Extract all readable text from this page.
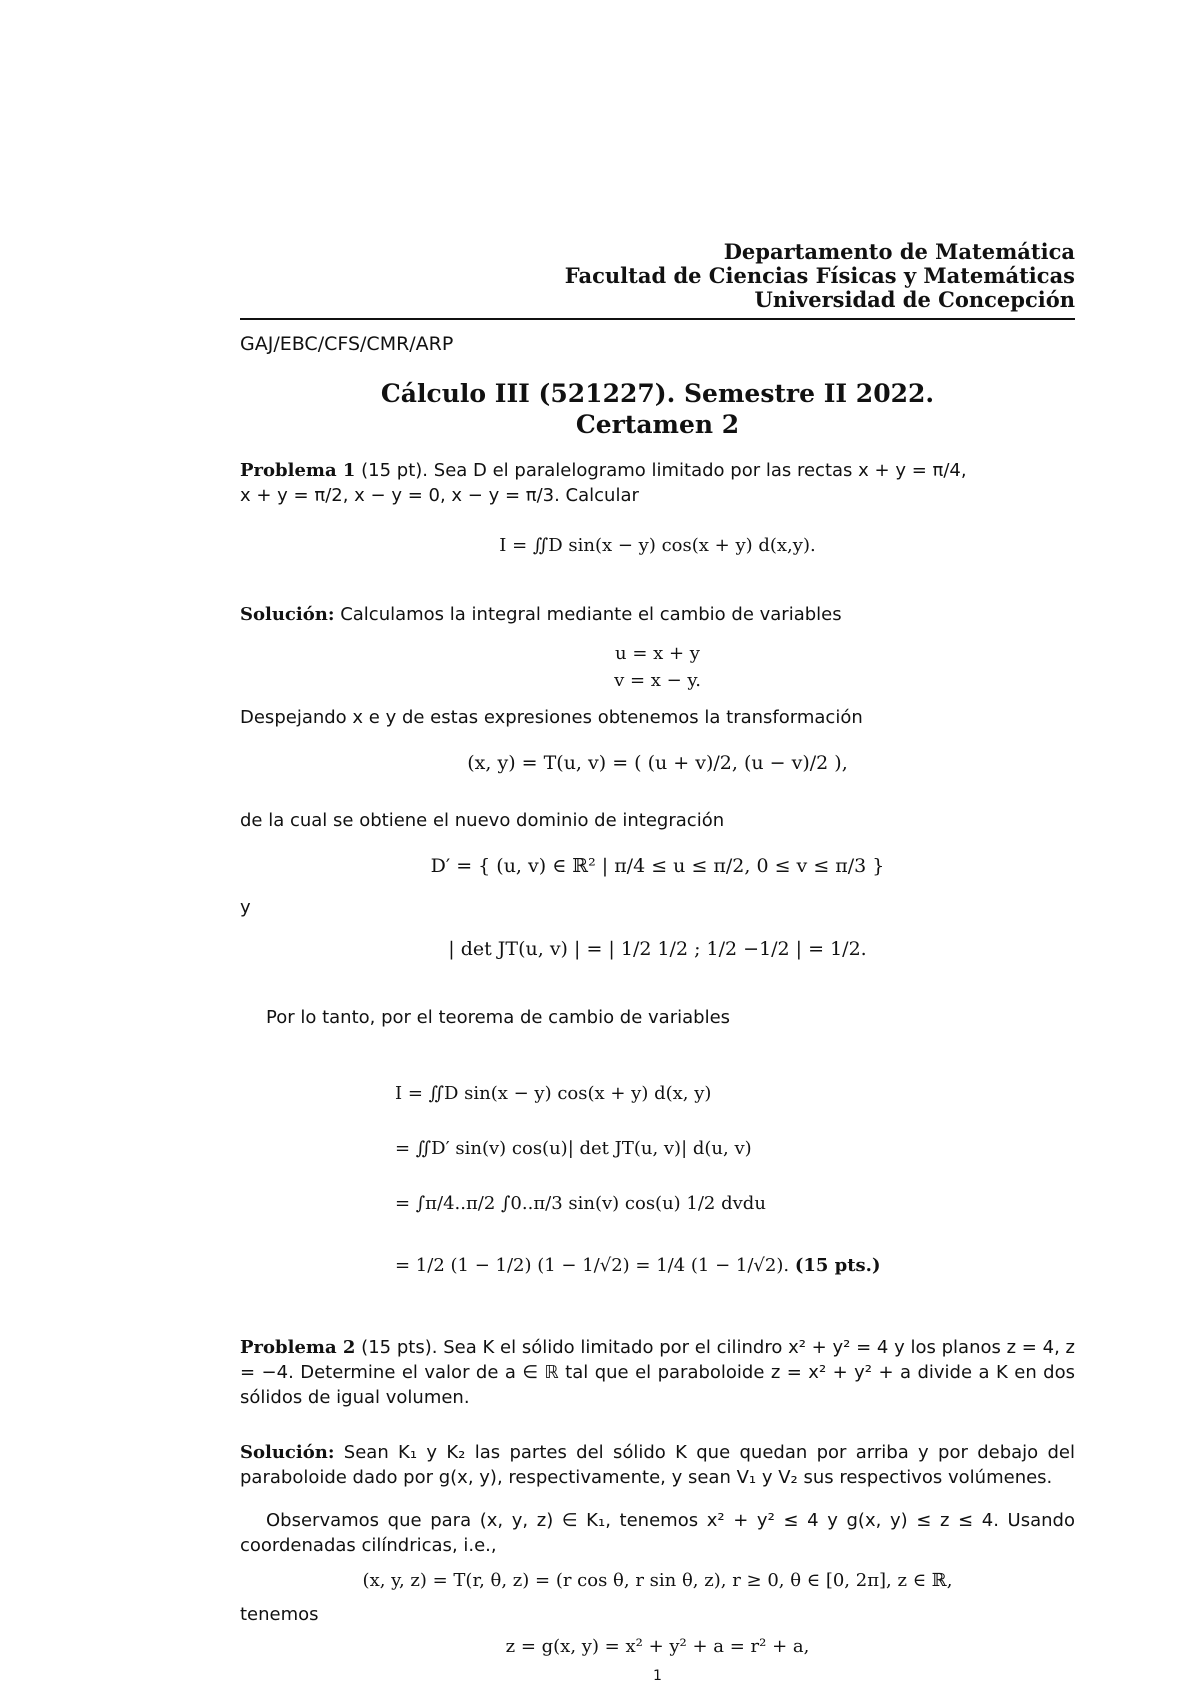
Departamento de Matemática
Facultad de Ciencias Físicas y Matemáticas
Universidad de Concepción
GAJ/EBC/CFS/CMR/ARP
Cálculo III (521227). Semestre II 2022.
Certamen 2
Problema 1 (15 pt). Sea D el paralelogramo limitado por las rectas x + y = π/4,
x + y = π/2, x − y = 0, x − y = π/3. Calcular
I = ∬D sin(x − y) cos(x + y) d(x,y).
Solución: Calculamos la integral mediante el cambio de variables
u = x + y
v = x − y.
Despejando x e y de estas expresiones obtenemos la transformación
(x, y) = T(u, v) = ( (u + v)/2, (u − v)/2 ),
de la cual se obtiene el nuevo dominio de integración
D′ = { (u, v) ∈ ℝ² | π/4 ≤ u ≤ π/2, 0 ≤ v ≤ π/3 }
y
| det JT(u, v) | = | 1/2 1/2 ; 1/2 −1/2 | = 1/2.
Por lo tanto, por el teorema de cambio de variables
I = ∬D sin(x − y) cos(x + y) d(x, y)
= ∬D′ sin(v) cos(u)| det JT(u, v)| d(u, v)
= ∫π/4..π/2 ∫0..π/3 sin(v) cos(u) 1/2 dvdu
= 1/2 (1 − 1/2) (1 − 1/√2) = 1/4 (1 − 1/√2). (15 pts.)
Problema 2 (15 pts). Sea K el sólido limitado por el cilindro x² + y² = 4 y los planos z = 4, z = −4. Determine el valor de a ∈ ℝ tal que el paraboloide z = x² + y² + a divide a K en dos sólidos de igual volumen.
Solución: Sean K₁ y K₂ las partes del sólido K que quedan por arriba y por debajo del paraboloide dado por g(x, y), respectivamente, y sean V₁ y V₂ sus respectivos volúmenes.
Observamos que para (x, y, z) ∈ K₁, tenemos x² + y² ≤ 4 y g(x, y) ≤ z ≤ 4. Usando coordenadas cilíndricas, i.e.,
(x, y, z) = T(r, θ, z) = (r cos θ, r sin θ, z), r ≥ 0, θ ∈ [0, 2π], z ∈ ℝ,
tenemos
z = g(x, y) = x² + y² + a = r² + a,
1
